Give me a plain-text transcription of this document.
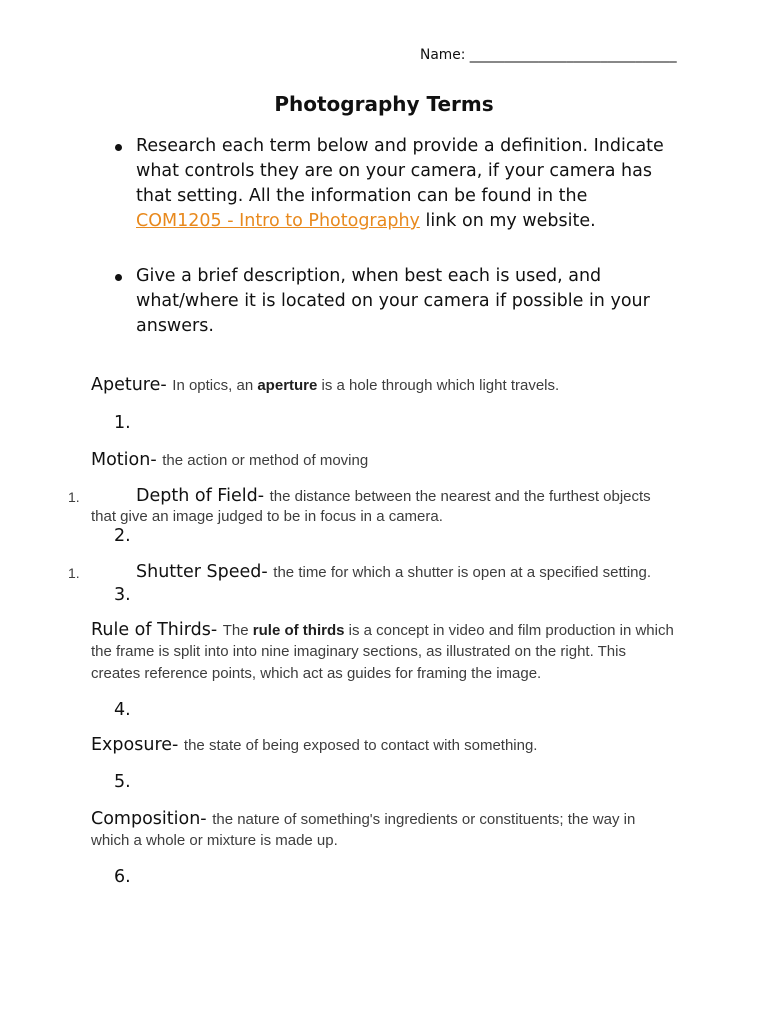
Name: ______________________________
Photography Terms
Research each term below and provide a definition. Indicate
what controls they are on your camera, if your camera has
that setting. All the information can be found in the
COM1205 - Intro to Photography link on my website.
Give a brief description, when best each is used, and
what/where it is located on your camera if possible in your
answers.
Apeture- In optics, an aperture is a hole through which light travels.
1.
Motion- the action or method of moving
1.	Depth of Field- the distance between the nearest and the furthest objects
that give an image judged to be in focus in a camera.
2.
1.	Shutter Speed- the time for which a shutter is open at a specified setting.
3.
Rule of Thirds- The rule of thirds is a concept in video and film production in which
the frame is split into into nine imaginary sections, as illustrated on the right. This
creates reference points, which act as guides for framing the image.
4.
Exposure- the state of being exposed to contact with something.
5.
Composition- the nature of something's ingredients or constituents; the way in
which a whole or mixture is made up.
6.
